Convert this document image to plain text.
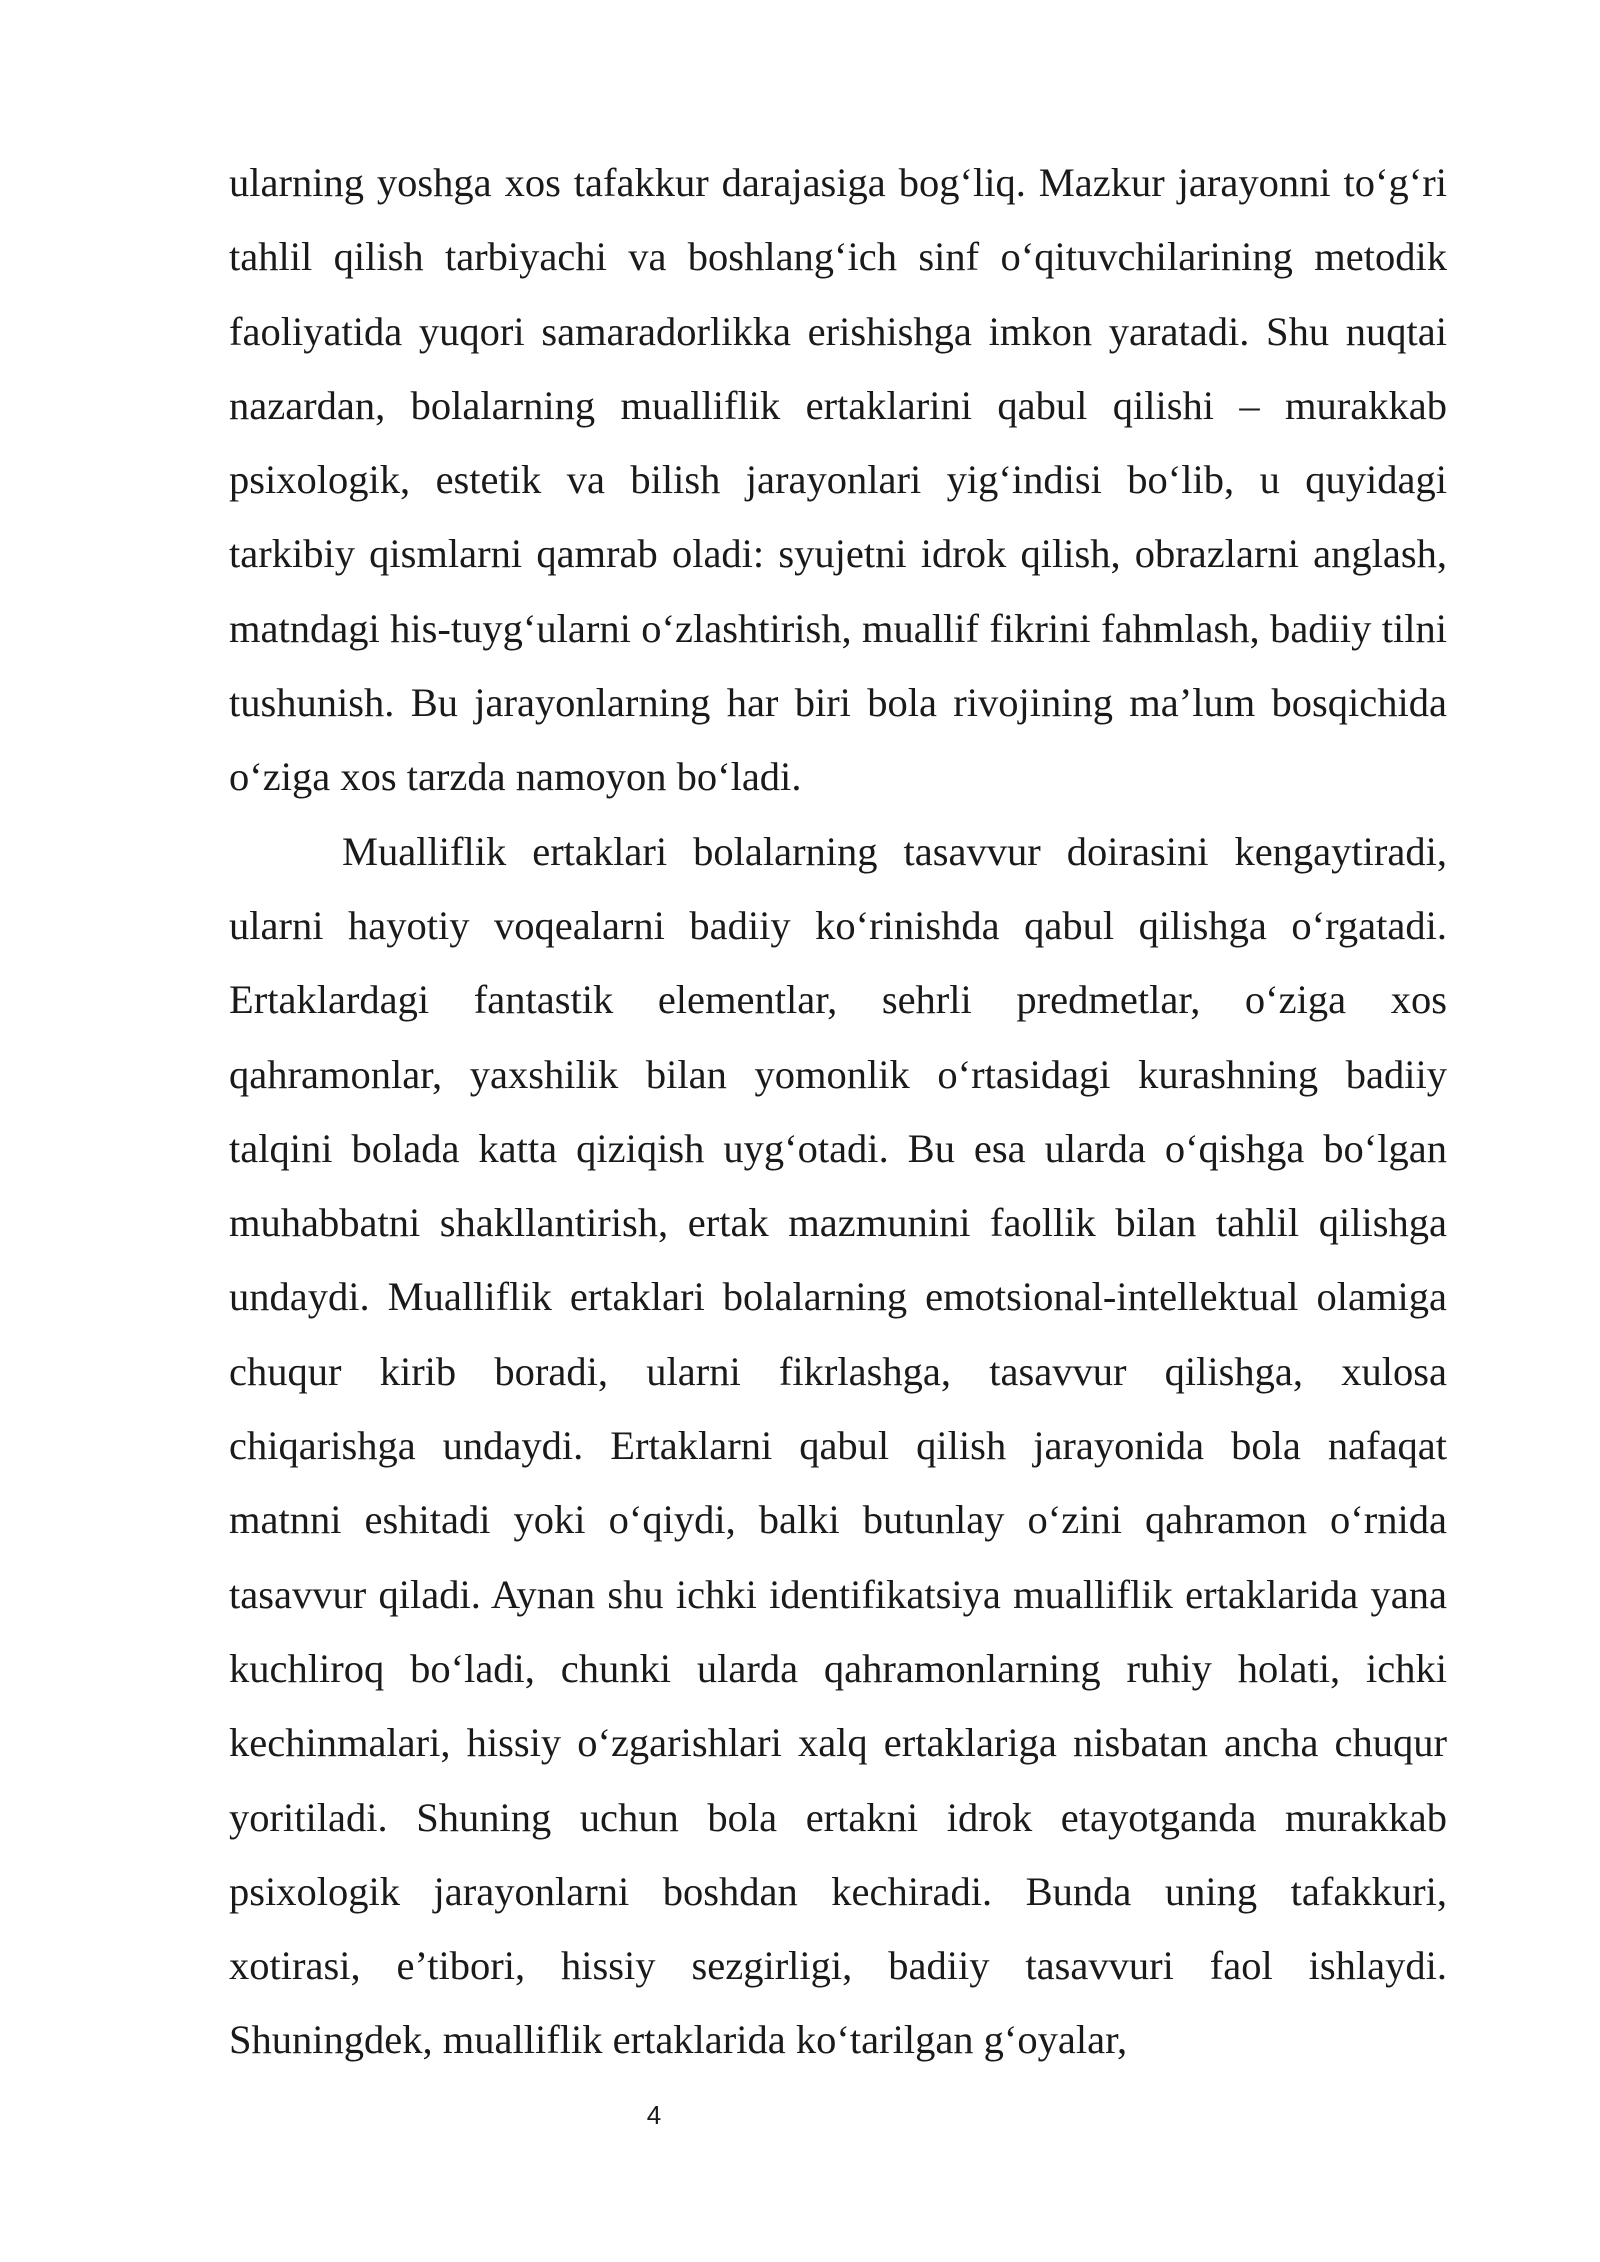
ularning yoshga xos tafakkur darajasiga bog‘liq. Mazkur jarayonni to‘g‘ri tahlil qilish tarbiyachi va boshlang‘ich sinf o‘qituvchilarining metodik faoliyatida yuqori samaradorlikka erishishga imkon yaratadi. Shu nuqtai nazardan, bolalarning mualliflik ertaklarini qabul qilishi – murakkab psixologik, estetik va bilish jarayonlari yig‘indisi bo‘lib, u quyidagi tarkibiy qismlarni qamrab oladi: syujetni idrok qilish, obrazlarni anglash, matndagi his-tuyg‘ularni o‘zlashtirish, muallif fikrini fahmlash, badiiy tilni tushunish. Bu jarayonlarning har biri bola rivojining ma’lum bosqichida o‘ziga xos tarzda namoyon bo‘ladi.

Mualliflik ertaklari bolalarning tasavvur doirasini kengaytiradi, ularni hayotiy voqealarni badiiy ko‘rinishda qabul qilishga o‘rgatadi. Ertaklardagi fantastik elementlar, sehrli predmetlar, o‘ziga xos qahramonlar, yaxshilik bilan yomonlik o‘rtasidagi kurashning badiiy talqini bolada katta qiziqish uyg‘otadi. Bu esa ularda o‘qishga bo‘lgan muhabbatni shakllantirish, ertak mazmunini faollik bilan tahlil qilishga undaydi. Mualliflik ertaklari bolalarning emotsional-intellektual olamiga chuqur kirib boradi, ularni fikrlashga, tasavvur qilishga, xulosa chiqarishga undaydi. Ertaklarni qabul qilish jarayonida bola nafaqat matnni eshitadi yoki o‘qiydi, balki butunlay o‘zini qahramon o‘rnida tasavvur qiladi. Aynan shu ichki identifikatsiya mualliflik ertaklarida yana kuchliroq bo‘ladi, chunki ularda qahramonlarning ruhiy holati, ichki kechinmalari, hissiy o‘zgarishlari xalq ertaklariga nisbatan ancha chuqur yoritiladi. Shuning uchun bola ertakni idrok etayotganda murakkab psixologik jarayonlarni boshdan kechiradi. Bunda uning tafakkuri, xotirasi, e’tibori, hissiy sezgirligi, badiiy tasavvuri faol ishlaydi. Shuningdek, mualliflik ertaklarida ko‘tarilgan g‘oyalar,

4
